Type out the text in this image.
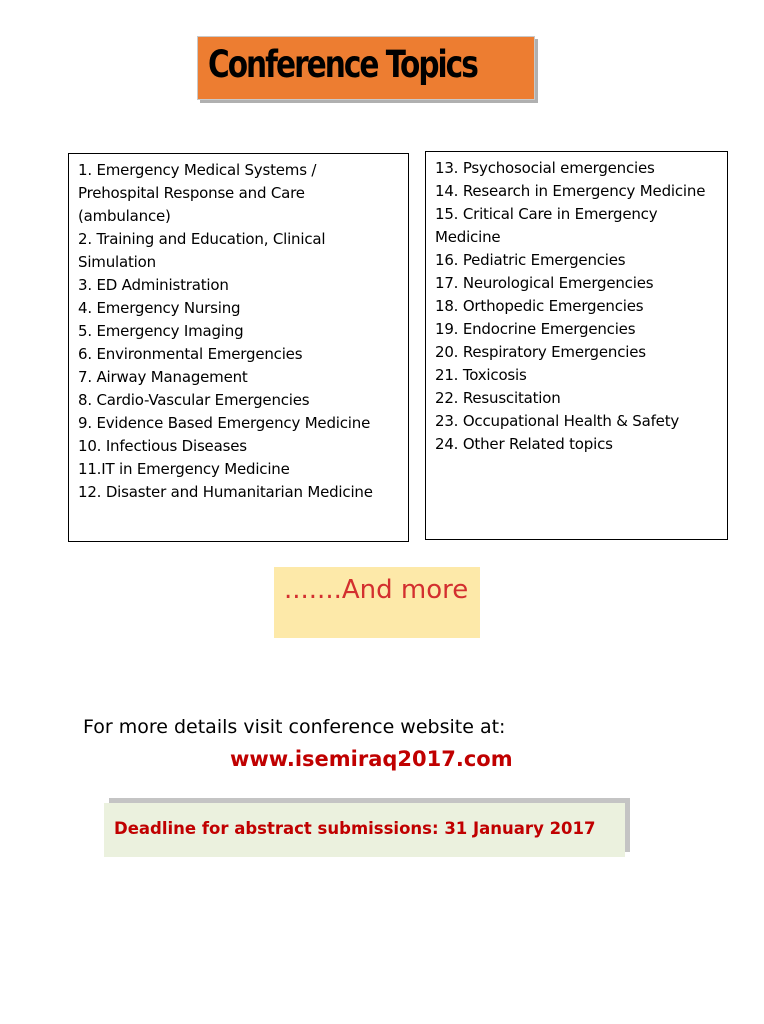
Conference Topics
1. Emergency Medical Systems /
Prehospital Response and Care
(ambulance)
2. Training and Education, Clinical
Simulation
3. ED Administration
4. Emergency Nursing
5. Emergency Imaging
6. Environmental Emergencies
7. Airway Management
8. Cardio-Vascular Emergencies
9. Evidence Based Emergency Medicine
10. Infectious Diseases
11.IT in Emergency Medicine
12. Disaster and Humanitarian Medicine
13. Psychosocial emergencies
14. Research in Emergency Medicine
15. Critical Care in Emergency
Medicine
16. Pediatric Emergencies
17. Neurological Emergencies
18. Orthopedic Emergencies
19. Endocrine Emergencies
20. Respiratory Emergencies
21. Toxicosis
22. Resuscitation
23. Occupational Health & Safety
24. Other Related topics
.......And more
For more details visit conference website at:
www.isemiraq2017.com
Deadline for abstract submissions: 31 January 2017
